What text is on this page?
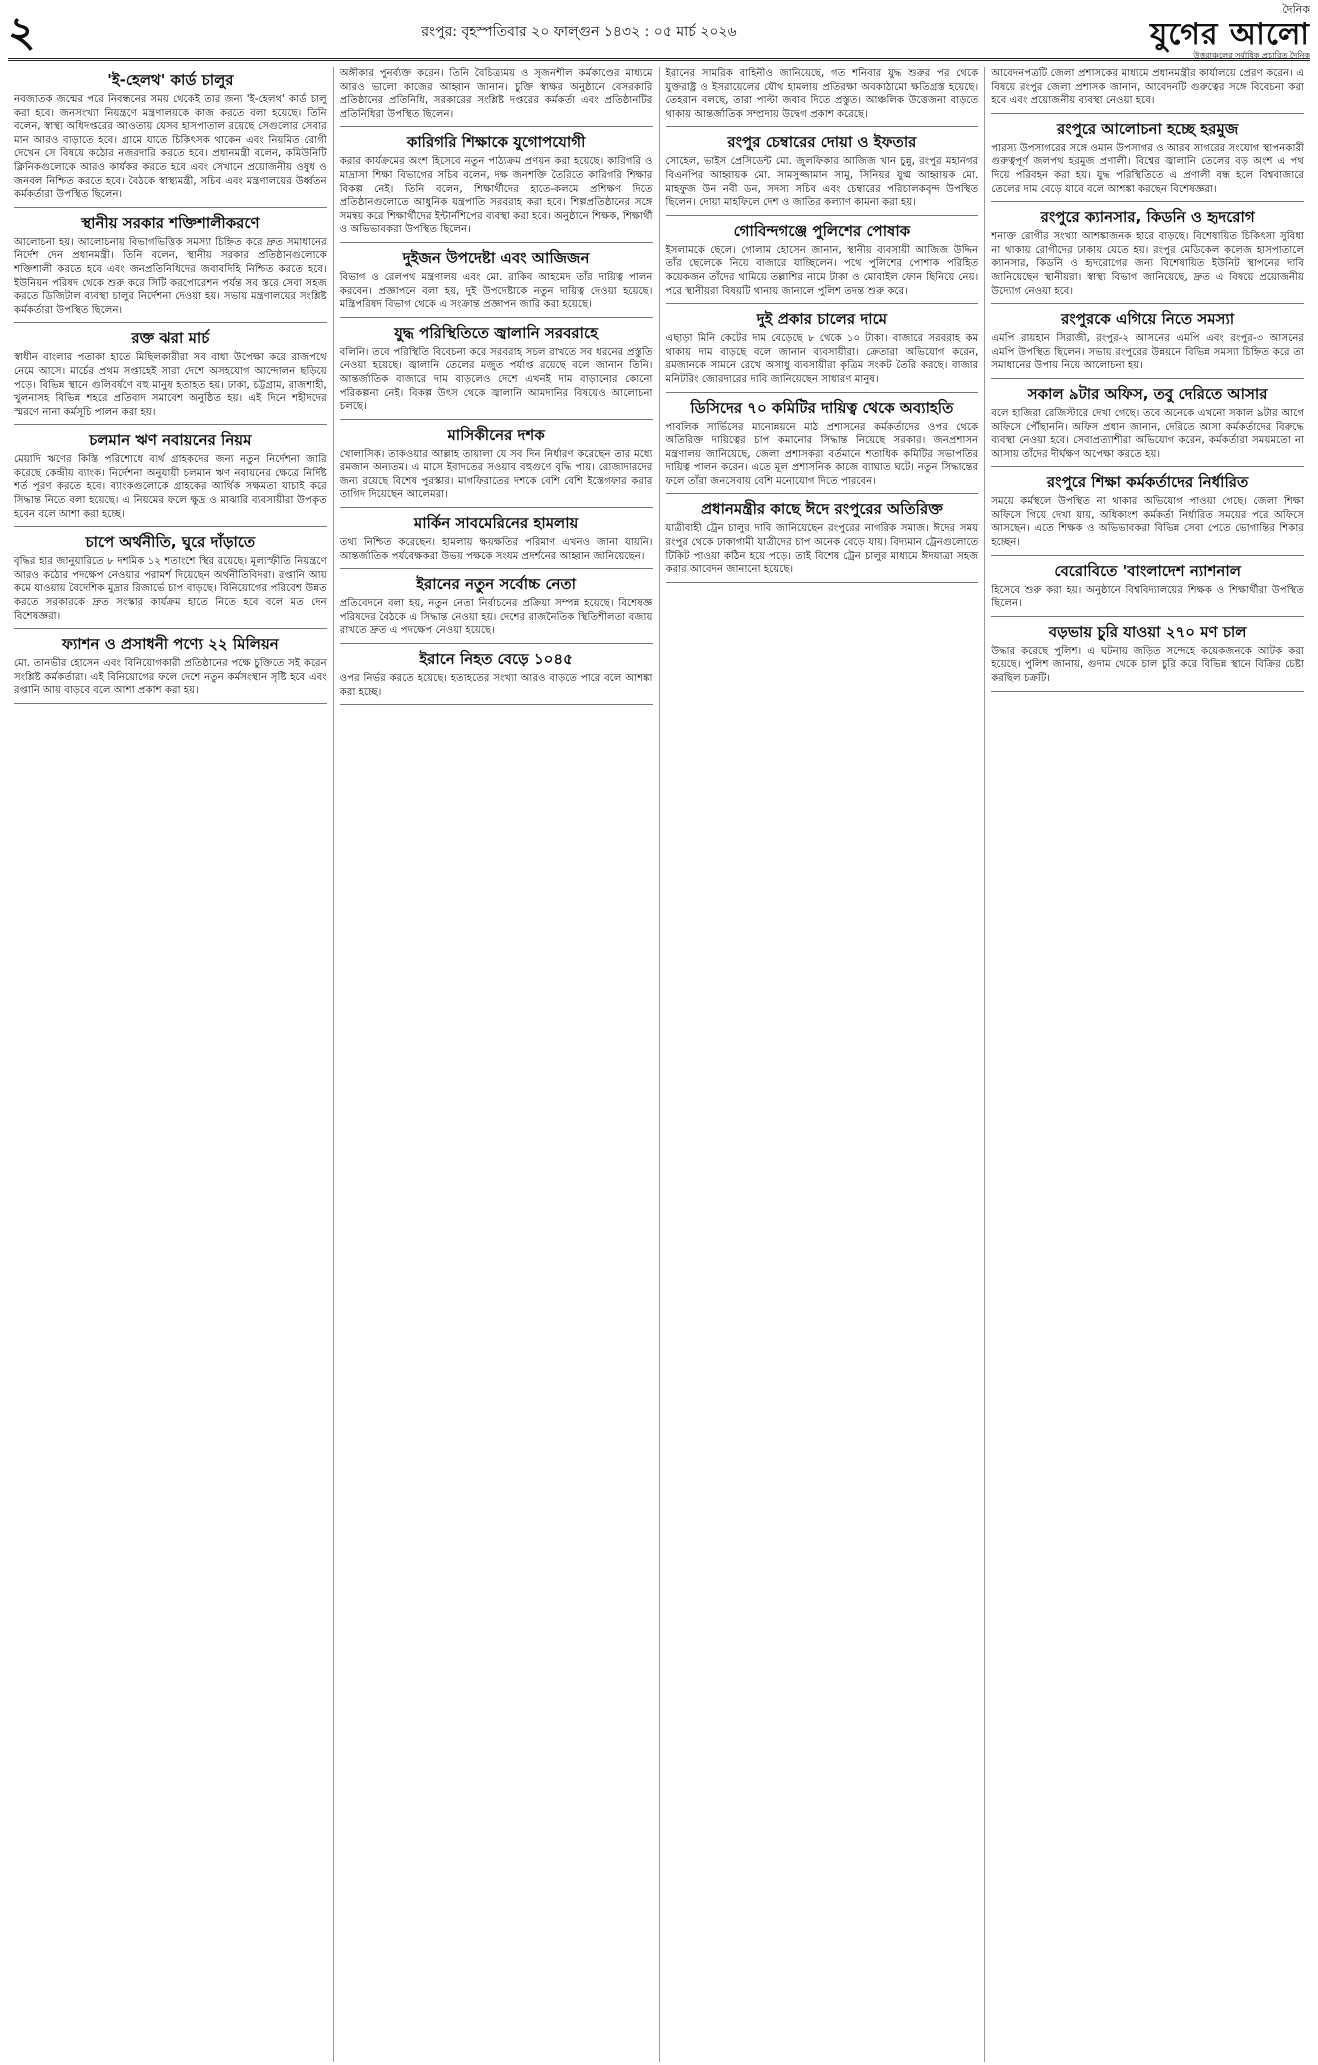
২	রংপুর: বৃহস্পতিবার ২০ ফাল্গুন ১৪৩২ : ০৫ মার্চ ২০২৬
দৈনিক
যুগের আলো
উত্তরাঞ্চলের সর্বাধিক প্রচারিত দৈনিক
'ই-হেলথ' কার্ড চালুর
নবজাতক জন্মের পরে নিবন্ধনের সময় থেকেই তার জন্য 'ই-হেলথ' কার্ড চালু করা হবে। জনসংখ্যা নিয়ন্ত্রণে মন্ত্রণালয়কে কাজ করতে বলা হয়েছে। তিনি বলেন, স্বাস্থ্য অধিদপ্তরের আওতায় যেসব হাসপাতাল রয়েছে সেগুলোর সেবার মান আরও বাড়াতে হবে। গ্রামে যাতে চিকিৎসক থাকেন এবং নিয়মিত রোগী দেখেন সে বিষয়ে কঠোর নজরদারি করতে হবে। প্রধানমন্ত্রী বলেন, কমিউনিটি ক্লিনিকগুলোকে আরও কার্যকর করতে হবে এবং সেখানে প্রয়োজনীয় ওষুধ ও জনবল নিশ্চিত করতে হবে। বৈঠকে স্বাস্থ্যমন্ত্রী, সচিব এবং মন্ত্রণালয়ের উর্ধ্বতন কর্মকর্তারা উপস্থিত ছিলেন।
স্থানীয় সরকার শক্তিশালীকরণে
আলোচনা হয়। আলোচনায় বিভাগভিত্তিক সমস্যা চিহ্নিত করে দ্রুত সমাধানের নির্দেশ দেন প্রধানমন্ত্রী। তিনি বলেন, স্থানীয় সরকার প্রতিষ্ঠানগুলোকে শক্তিশালী করতে হবে এবং জনপ্রতিনিধিদের জবাবদিহি নিশ্চিত করতে হবে। ইউনিয়ন পরিষদ থেকে শুরু করে সিটি করপোরেশন পর্যন্ত সব স্তরে সেবা সহজ করতে ডিজিটাল ব্যবস্থা চালুর নির্দেশনা দেওয়া হয়। সভায় মন্ত্রণালয়ের সংশ্লিষ্ট কর্মকর্তারা উপস্থিত ছিলেন।
রক্ত ঝরা মার্চ
স্বাধীন বাংলার পতাকা হাতে মিছিলকারীরা সব বাধা উপেক্ষা করে রাজপথে নেমে আসে। মার্চের প্রথম সপ্তাহেই সারা দেশে অসহযোগ আন্দোলন ছড়িয়ে পড়ে। বিভিন্ন স্থানে গুলিবর্ষণে বহু মানুষ হতাহত হয়। ঢাকা, চট্টগ্রাম, রাজশাহী, খুলনাসহ বিভিন্ন শহরে প্রতিবাদ সমাবেশ অনুষ্ঠিত হয়। এই দিনে শহীদদের স্মরণে নানা কর্মসূচি পালন করা হয়।
চলমান ঋণ নবায়নের নিয়ম
মেয়াদি ঋণের কিস্তি পরিশোধে ব্যর্থ গ্রাহকদের জন্য নতুন নির্দেশনা জারি করেছে কেন্দ্রীয় ব্যাংক। নির্দেশনা অনুযায়ী চলমান ঋণ নবায়নের ক্ষেত্রে নির্দিষ্ট শর্ত পূরণ করতে হবে। ব্যাংকগুলোকে গ্রাহকের আর্থিক সক্ষমতা যাচাই করে সিদ্ধান্ত নিতে বলা হয়েছে। এ নিয়মের ফলে ক্ষুদ্র ও মাঝারি ব্যবসায়ীরা উপকৃত হবেন বলে আশা করা হচ্ছে।
চাপে অর্থনীতি, ঘুরে দাঁড়াতে
বৃদ্ধির হার জানুয়ারিতে ৮ দশমিক ১২ শতাংশে স্থির রয়েছে। মূল্যস্ফীতি নিয়ন্ত্রণে আরও কঠোর পদক্ষেপ নেওয়ার পরামর্শ দিয়েছেন অর্থনীতিবিদরা। রপ্তানি আয় কমে যাওয়ায় বৈদেশিক মুদ্রার রিজার্ভে চাপ বাড়ছে। বিনিয়োগের পরিবেশ উন্নত করতে সরকারকে দ্রুত সংস্কার কার্যক্রম হাতে নিতে হবে বলে মত দেন বিশেষজ্ঞরা।
ফ্যাশন ও প্রসাধনী পণ্যে ২২ মিলিয়ন
মো. তানভীর হোসেন এবং বিনিয়োগকারী প্রতিষ্ঠানের পক্ষে চুক্তিতে সই করেন সংশ্লিষ্ট কর্মকর্তারা। এই বিনিয়োগের ফলে দেশে নতুন কর্মসংস্থান সৃষ্টি হবে এবং রপ্তানি আয় বাড়বে বলে আশা প্রকাশ করা হয়।
অঙ্গীকার পুনর্ব্যক্ত করেন। তিনি বৈচিত্র্যময় ও সৃজনশীল কর্মকাণ্ডের মাধ্যমে আরও ভালো কাজের আহ্বান জানান। চুক্তি স্বাক্ষর অনুষ্ঠানে বেসরকারি প্রতিষ্ঠানের প্রতিনিধি, সরকারের সংশ্লিষ্ট দপ্তরের কর্মকর্তা এবং প্রতিষ্ঠানটির প্রতিনিধিরা উপস্থিত ছিলেন।
কারিগরি শিক্ষাকে যুগোপযোগী
করার কার্যক্রমের অংশ হিসেবে নতুন পাঠ্যক্রম প্রণয়ন করা হয়েছে। কারিগরি ও মাদ্রাসা শিক্ষা বিভাগের সচিব বলেন, দক্ষ জনশক্তি তৈরিতে কারিগরি শিক্ষার বিকল্প নেই। তিনি বলেন, শিক্ষার্থীদের হাতে-কলমে প্রশিক্ষণ দিতে প্রতিষ্ঠানগুলোতে আধুনিক যন্ত্রপাতি সরবরাহ করা হবে। শিল্পপ্রতিষ্ঠানের সঙ্গে সমন্বয় করে শিক্ষার্থীদের ইন্টার্নশিপের ব্যবস্থা করা হবে। অনুষ্ঠানে শিক্ষক, শিক্ষার্থী ও অভিভাবকরা উপস্থিত ছিলেন।
দুইজন উপদেষ্টা এবং আজিজন
বিভাগ ও রেলপথ মন্ত্রণালয় এবং মো. রাকিব আহমেদ তাঁর দায়িত্ব পালন করবেন। প্রজ্ঞাপনে বলা হয়, দুই উপদেষ্টাকে নতুন দায়িত্ব দেওয়া হয়েছে। মন্ত্রিপরিষদ বিভাগ থেকে এ সংক্রান্ত প্রজ্ঞাপন জারি করা হয়েছে।
যুদ্ধ পরিস্থিতিতে জ্বালানি সরবরাহে
বলিনি। তবে পরিস্থিতি বিবেচনা করে সরবরাহ সচল রাখতে সব ধরনের প্রস্তুতি নেওয়া হয়েছে। জ্বালানি তেলের মজুত পর্যাপ্ত রয়েছে বলে জানান তিনি। আন্তর্জাতিক বাজারে দাম বাড়লেও দেশে এখনই দাম বাড়ানোর কোনো পরিকল্পনা নেই। বিকল্প উৎস থেকে জ্বালানি আমদানির বিষয়েও আলোচনা চলছে।
মাসিকীনের দশক
খোলাসিক। তাকওয়ার আল্লাহ তায়ালা যে সব দিন নির্ধারণ করেছেন তার মধ্যে রমজান অন্যতম। এ মাসে ইবাদতের সওয়াব বহুগুণে বৃদ্ধি পায়। রোজাদারদের জন্য রয়েছে বিশেষ পুরস্কার। মাগফিরাতের দশকে বেশি বেশি ইস্তেগফার করার তাগিদ দিয়েছেন আলেমরা।
মার্কিন সাবমেরিনের হামলায়
তথ্য নিশ্চিত করেছেন। হামলায় ক্ষয়ক্ষতির পরিমাণ এখনও জানা যায়নি। আন্তর্জাতিক পর্যবেক্ষকরা উভয় পক্ষকে সংযম প্রদর্শনের আহ্বান জানিয়েছেন।
ইরানের নতুন সর্বোচ্চ নেতা
প্রতিবেদনে বলা হয়, নতুন নেতা নির্বাচনের প্রক্রিয়া সম্পন্ন হয়েছে। বিশেষজ্ঞ পরিষদের বৈঠকে এ সিদ্ধান্ত নেওয়া হয়। দেশের রাজনৈতিক স্থিতিশীলতা বজায় রাখতে দ্রুত এ পদক্ষেপ নেওয়া হয়েছে।
ইরানে নিহত বেড়ে ১০৪৫
ওপর নির্ভর করতে হয়েছে। হতাহতের সংখ্যা আরও বাড়তে পারে বলে আশঙ্কা করা হচ্ছে।
ইরানের সামরিক বাহিনীও জানিয়েছে, গত শনিবার যুদ্ধ শুরুর পর থেকে যুক্তরাষ্ট্র ও ইসরায়েলের যৌথ হামলায় প্রতিরক্ষা অবকাঠামো ক্ষতিগ্রস্ত হয়েছে। তেহরান বলছে, তারা পাল্টা জবাব দিতে প্রস্তুত। আঞ্চলিক উত্তেজনা বাড়তে থাকায় আন্তর্জাতিক সম্প্রদায় উদ্বেগ প্রকাশ করেছে।
রংপুর চেম্বারের দোয়া ও ইফতার
সোহেল, ভাইস প্রেসিডেন্ট মো. জুলফিকার আজিজ খান চুন্নু, রংপুর মহানগর বিএনপির আহ্বায়ক মো. সামসুজ্জামান সামু, সিনিয়র যুগ্ম আহ্বায়ক মো. মাহফুজ উন নবী ডন, সদস্য সচিব এবং চেম্বারের পরিচালকবৃন্দ উপস্থিত ছিলেন। দোয়া মাহফিলে দেশ ও জাতির কল্যাণ কামনা করা হয়।
গোবিন্দগঞ্জে পুলিশের পোষাক
ইসলামকে ছেলে। গোলাম হোসেন জানান, স্থানীয় ব্যবসায়ী আজিজ উদ্দিন তাঁর ছেলেকে নিয়ে বাজারে যাচ্ছিলেন। পথে পুলিশের পোশাক পরিহিত কয়েকজন তাঁদের থামিয়ে তল্লাশির নামে টাকা ও মোবাইল ফোন ছিনিয়ে নেয়। পরে স্থানীয়রা বিষয়টি থানায় জানালে পুলিশ তদন্ত শুরু করে।
দুই প্রকার চালের দামে
এছাড়া মিনি কেটের দাম বেড়েছে ৮ থেকে ১০ টাকা। বাজারে সরবরাহ কম থাকায় দাম বাড়ছে বলে জানান ব্যবসায়ীরা। ক্রেতারা অভিযোগ করেন, রমজানকে সামনে রেখে অসাধু ব্যবসায়ীরা কৃত্রিম সংকট তৈরি করছে। বাজার মনিটরিং জোরদারের দাবি জানিয়েছেন সাধারণ মানুষ।
ডিসিদের ৭০ কমিটির দায়িত্ব থেকে অব্যাহতি
পাবলিক সার্ভিসের মানোন্নয়নে মাঠ প্রশাসনের কর্মকর্তাদের ওপর থেকে অতিরিক্ত দায়িত্বের চাপ কমানোর সিদ্ধান্ত নিয়েছে সরকার। জনপ্রশাসন মন্ত্রণালয় জানিয়েছে, জেলা প্রশাসকরা বর্তমানে শতাধিক কমিটির সভাপতির দায়িত্ব পালন করেন। এতে মূল প্রশাসনিক কাজে ব্যাঘাত ঘটে। নতুন সিদ্ধান্তের ফলে তাঁরা জনসেবায় বেশি মনোযোগ দিতে পারবেন।
প্রধানমন্ত্রীর কাছে ঈদে রংপুরের অতিরিক্ত
যাত্রীবাহী ট্রেন চালুর দাবি জানিয়েছেন রংপুরের নাগরিক সমাজ। ঈদের সময় রংপুর থেকে ঢাকাগামী যাত্রীদের চাপ অনেক বেড়ে যায়। বিদ্যমান ট্রেনগুলোতে টিকিট পাওয়া কঠিন হয়ে পড়ে। তাই বিশেষ ট্রেন চালুর মাধ্যমে ঈদযাত্রা সহজ করার আবেদন জানানো হয়েছে।
আবেদনপত্রটি জেলা প্রশাসকের মাধ্যমে প্রধানমন্ত্রীর কার্যালয়ে প্রেরণ করেন। এ বিষয়ে রংপুর জেলা প্রশাসক জানান, আবেদনটি গুরুত্বের সঙ্গে বিবেচনা করা হবে এবং প্রয়োজনীয় ব্যবস্থা নেওয়া হবে।
রংপুরে আলোচনা হচ্ছে হরমুজ
পারস্য উপসাগরের সঙ্গে ওমান উপসাগর ও আরব সাগরের সংযোগ স্থাপনকারী গুরুত্বপূর্ণ জলপথ হরমুজ প্রণালী। বিশ্বের জ্বালানি তেলের বড় অংশ এ পথ দিয়ে পরিবহন করা হয়। যুদ্ধ পরিস্থিতিতে এ প্রণালী বন্ধ হলে বিশ্ববাজারে তেলের দাম বেড়ে যাবে বলে আশঙ্কা করছেন বিশেষজ্ঞরা।
রংপুরে ক্যানসার, কিডনি ও হৃদরোগ
শনাক্ত রোগীর সংখ্যা আশঙ্কাজনক হারে বাড়ছে। বিশেষায়িত চিকিৎসা সুবিধা না থাকায় রোগীদের ঢাকায় যেতে হয়। রংপুর মেডিকেল কলেজ হাসপাতালে ক্যানসার, কিডনি ও হৃদরোগের জন্য বিশেষায়িত ইউনিট স্থাপনের দাবি জানিয়েছেন স্থানীয়রা। স্বাস্থ্য বিভাগ জানিয়েছে, দ্রুত এ বিষয়ে প্রয়োজনীয় উদ্যোগ নেওয়া হবে।
রংপুরকে এগিয়ে নিতে সমস্যা
এমপি রায়হান সিরাজী, রংপুর-২ আসনের এমপি এবং রংপুর-৩ আসনের এমপি উপস্থিত ছিলেন। সভায় রংপুরের উন্নয়নে বিভিন্ন সমস্যা চিহ্নিত করে তা সমাধানের উপায় নিয়ে আলোচনা হয়।
সকাল ৯টার অফিস, তবু দেরিতে আসার
বলে হাজিরা রেজিস্টারে দেখা গেছে। তবে অনেকে এখনো সকাল ৯টার আগে অফিসে পৌঁছাননি। অফিস প্রধান জানান, দেরিতে আসা কর্মকর্তাদের বিরুদ্ধে ব্যবস্থা নেওয়া হবে। সেবাপ্রত্যাশীরা অভিযোগ করেন, কর্মকর্তারা সময়মতো না আসায় তাঁদের দীর্ঘক্ষণ অপেক্ষা করতে হয়।
রংপুরে শিক্ষা কর্মকর্তাদের নির্ধারিত
সময়ে কর্মস্থলে উপস্থিত না থাকার অভিযোগ পাওয়া গেছে। জেলা শিক্ষা অফিসে গিয়ে দেখা যায়, অধিকাংশ কর্মকর্তা নির্ধারিত সময়ের পরে অফিসে আসছেন। এতে শিক্ষক ও অভিভাবকরা বিভিন্ন সেবা পেতে ভোগান্তির শিকার হচ্ছেন।
বেরোবিতে 'বাংলাদেশ ন্যাশনাল
হিসেবে শুরু করা হয়। অনুষ্ঠানে বিশ্ববিদ্যালয়ের শিক্ষক ও শিক্ষার্থীরা উপস্থিত ছিলেন।
বড়ভায় চুরি যাওয়া ২৭০ মণ চাল
উদ্ধার করেছে পুলিশ। এ ঘটনায় জড়িত সন্দেহে কয়েকজনকে আটক করা হয়েছে। পুলিশ জানায়, গুদাম থেকে চাল চুরি করে বিভিন্ন স্থানে বিক্রির চেষ্টা করছিল চক্রটি।
